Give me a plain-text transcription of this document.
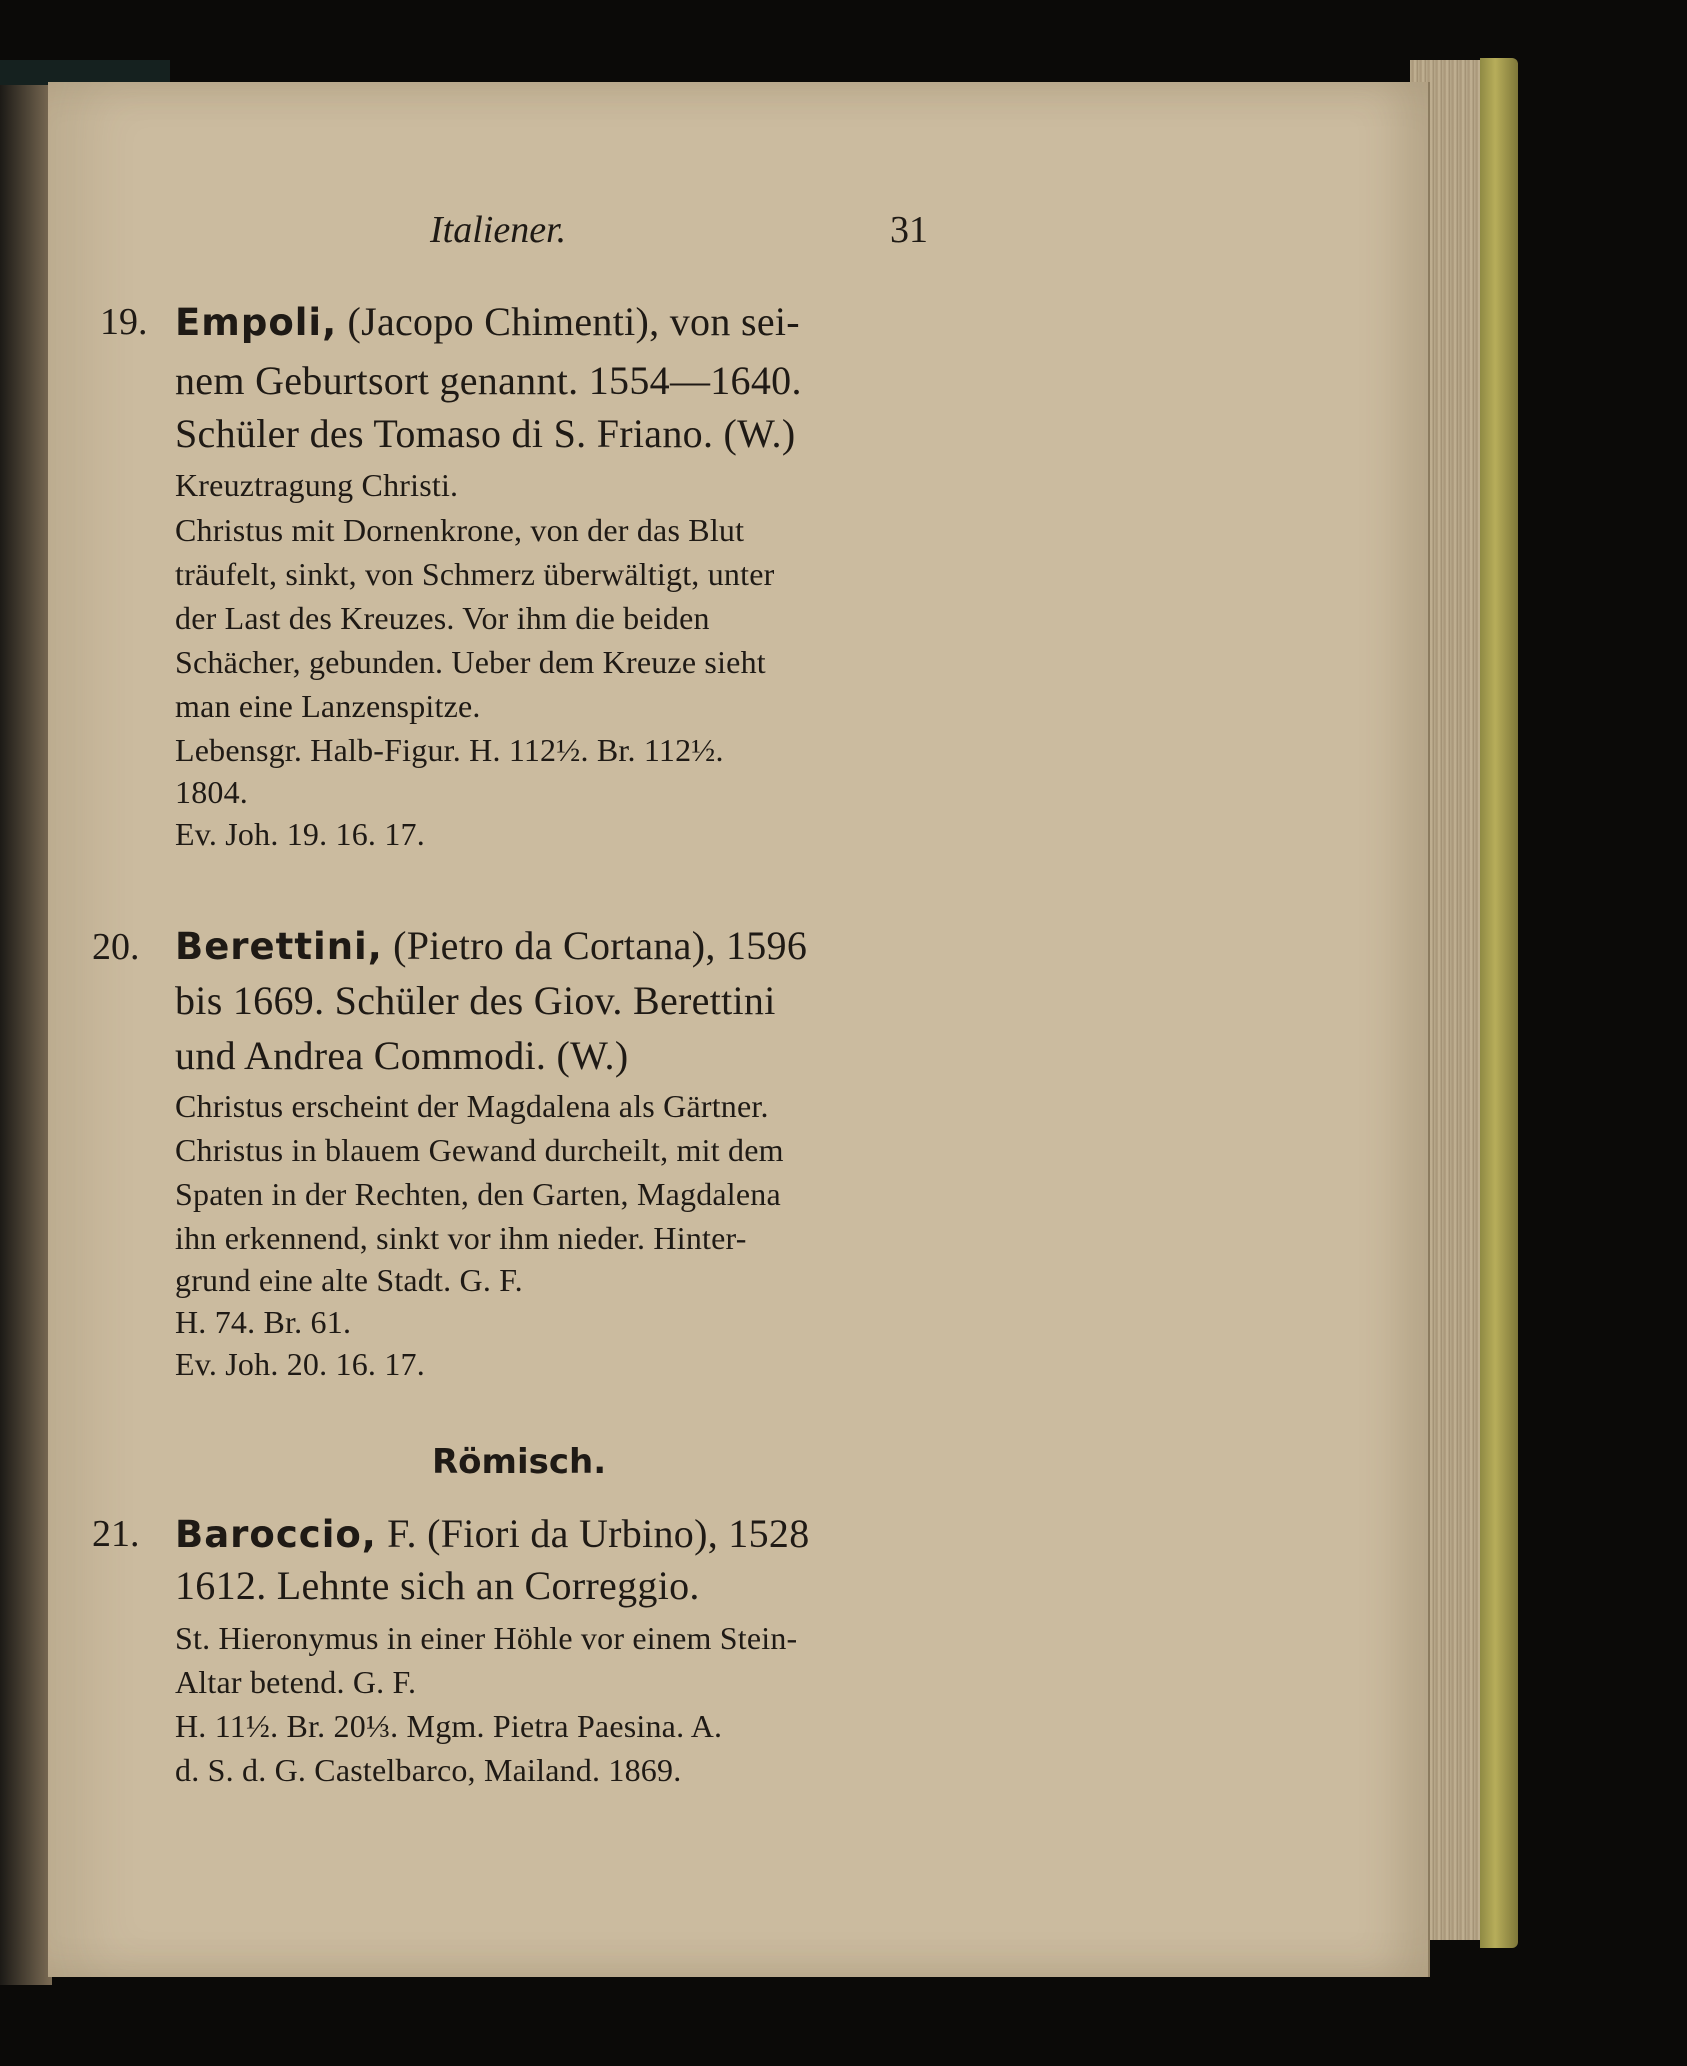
Italiener.	31
19. Empoli, (Jacopo Chimenti), von sei-
nem Geburtsort genannt. 1554—1640.
Schüler des Tomaso di S. Friano. (W.)
Kreuztragung Christi.
Christus mit Dornenkrone, von der das Blut
träufelt, sinkt, von Schmerz überwältigt, unter
der Last des Kreuzes. Vor ihm die beiden
Schächer, gebunden. Ueber dem Kreuze sieht
man eine Lanzenspitze.
Lebensgr. Halb-Figur. H. 112½. Br. 112½.
1804.
Ev. Joh. 19. 16. 17.
20. Berettini, (Pietro da Cortana), 1596
bis 1669. Schüler des Giov. Berettini
und Andrea Commodi. (W.)
Christus erscheint der Magdalena als Gärtner.
Christus in blauem Gewand durcheilt, mit dem
Spaten in der Rechten, den Garten, Magdalena
ihn erkennend, sinkt vor ihm nieder. Hinter-
grund eine alte Stadt. G. F.
H. 74. Br. 61.
Ev. Joh. 20. 16. 17.
Römisch.
21. Baroccio, F. (Fiori da Urbino), 1528
1612. Lehnte sich an Correggio.
St. Hieronymus in einer Höhle vor einem Stein-
Altar betend. G. F.
H. 11½. Br. 20⅓. Mgm. Pietra Paesina. A.
d. S. d. G. Castelbarco, Mailand. 1869.
